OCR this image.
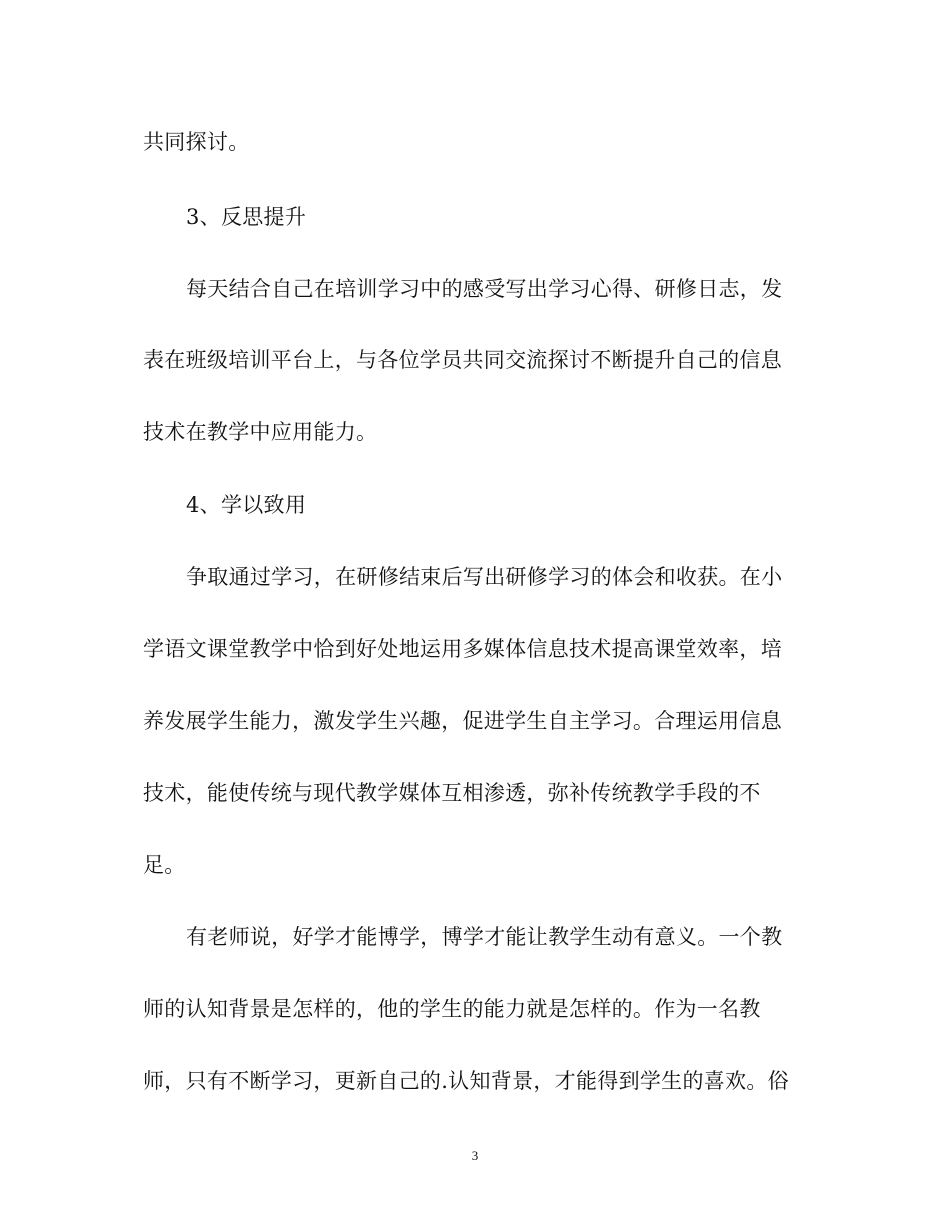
共同探讨。
3、反思提升
每天结合自己在培训学习中的感受写出学习心得、研修日志，发
表在班级培训平台上，与各位学员共同交流探讨不断提升自己的信息
技术在教学中应用能力。
4、学以致用
争取通过学习，在研修结束后写出研修学习的体会和收获。在小
学语文课堂教学中恰到好处地运用多媒体信息技术提高课堂效率，培
养发展学生能力，激发学生兴趣，促进学生自主学习。合理运用信息
技术，能使传统与现代教学媒体互相渗透，弥补传统教学手段的不
足。
有老师说，好学才能博学，博学才能让教学生动有意义。一个教
师的认知背景是怎样的，他的学生的能力就是怎样的。作为一名教
师，只有不断学习，更新自己的.认知背景，才能得到学生的喜欢。俗
3
